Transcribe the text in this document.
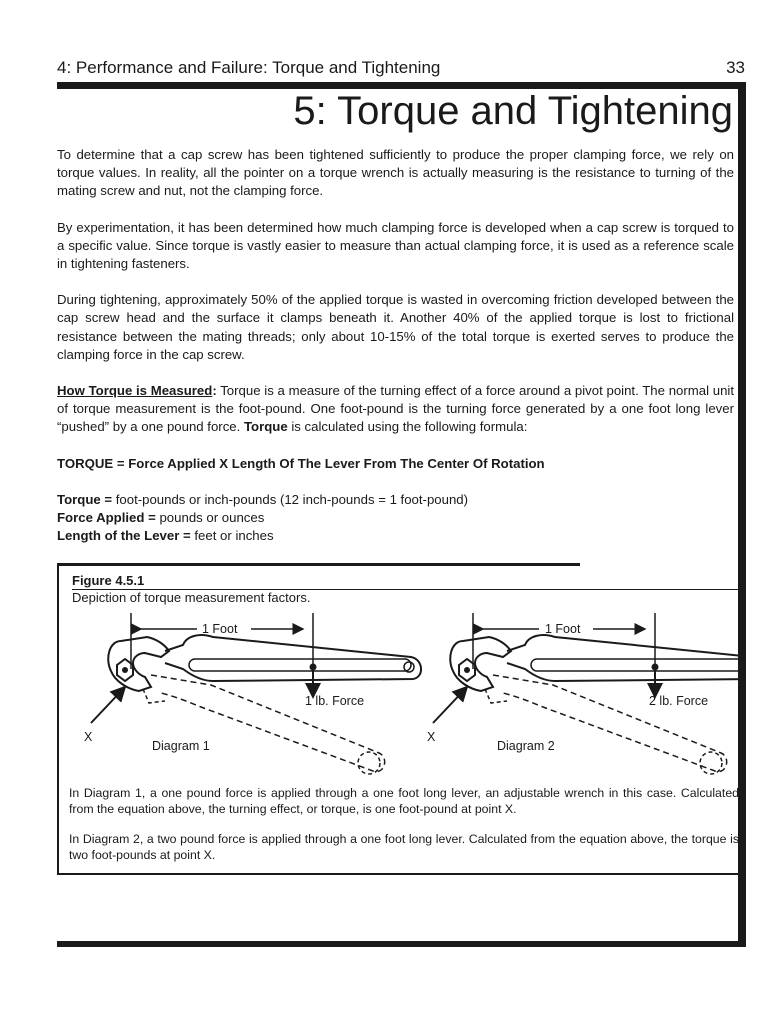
4: Performance and Failure: Torque and Tightening	33
5: Torque and Tightening

To determine that a cap screw has been tightened sufficiently to produce the proper clamping force, we rely on torque values. In reality, all the pointer on a torque wrench is actually measuring is the resistance to turning of the mating screw and nut, not the clamping force.

By experimentation, it has been determined how much clamping force is developed when a cap screw is torqued to a specific value. Since torque is vastly easier to measure than actual clamping force, it is used as a reference scale in tightening fasteners.

During tightening, approximately 50% of the applied torque is wasted in overcoming friction developed between the cap screw head and the surface it clamps beneath it. Another 40% of the applied torque is lost to frictional resistance between the mating threads; only about 10-15% of the total torque is exerted serves to produce the clamping force in the cap screw.

How Torque is Measured: Torque is a measure of the turning effect of a force around a pivot point. The normal unit of torque measurement is the foot-pound. One foot-pound is the turning force generated by a one foot long lever “pushed” by a one pound force. Torque is calculated using the following formula:

TORQUE = Force Applied X Length Of The Lever From The Center Of Rotation
Torque = foot-pounds or inch-pounds (12 inch-pounds = 1 foot-pound)
Force Applied = pounds or ounces
Length of the Lever = feet or inches
Figure 4.5.1
Depiction of torque measurement factors.
1 Foot
1 lb. Force
X
Diagram 1
1 Foot
2 lb. Force
X
Diagram 2

In Diagram 1, a one pound force is applied through a one foot long lever, an adjustable wrench in this case. Calculated from the equation above, the turning effect, or torque, is one foot-pound at point X.

In Diagram 2, a two pound force is applied through a one foot long lever. Calculated from the equation above, the torque is two foot-pounds at point X.
